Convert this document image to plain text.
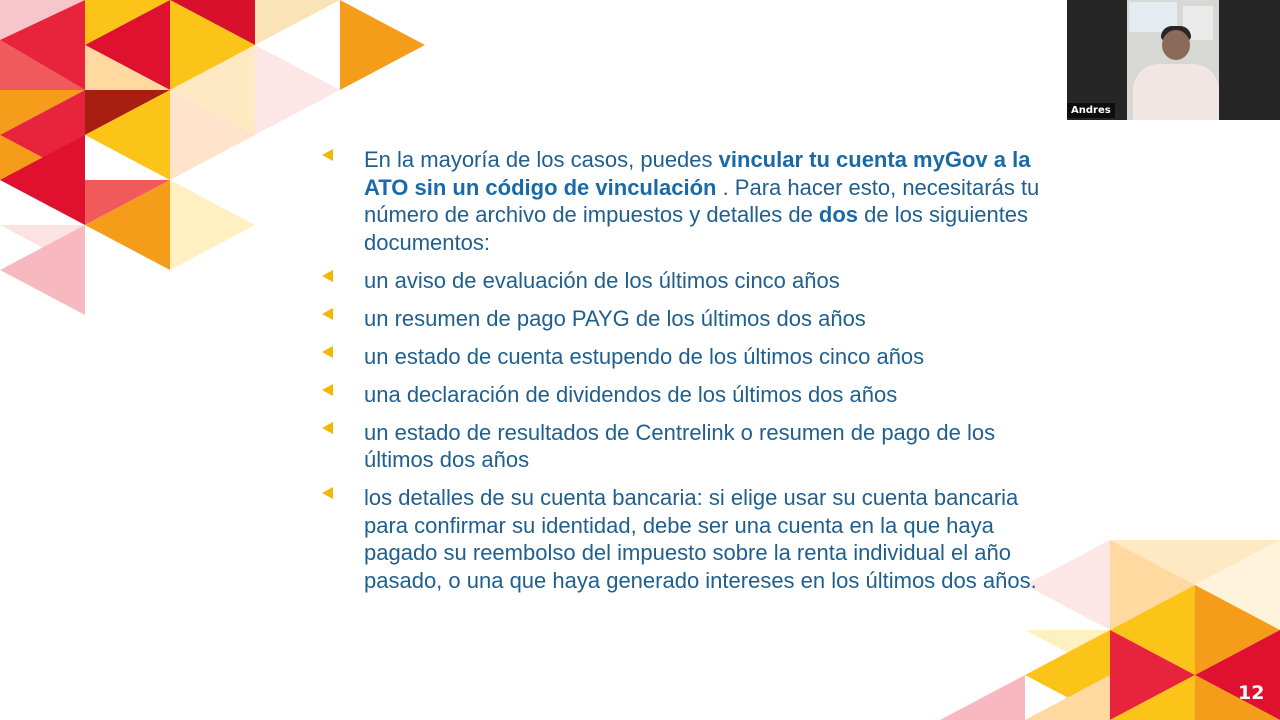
En la mayoría de los casos, puedes vincular tu cuenta myGov a la ATO sin un código de vinculación . Para hacer esto, necesitarás tu número de archivo de impuestos y detalles de dos de los siguientes documentos:
un aviso de evaluación de los últimos cinco años
un resumen de pago PAYG de los últimos dos años
un estado de cuenta estupendo de los últimos cinco años
una declaración de dividendos de los últimos dos años
un estado de resultados de Centrelink o resumen de pago de los últimos dos años
los detalles de su cuenta bancaria: si elige usar su cuenta bancaria para confirmar su identidad, debe ser una cuenta en la que haya pagado su reembolso del impuesto sobre la renta individual el año pasado, o una que haya generado intereses en los últimos dos años.
Andres
12
